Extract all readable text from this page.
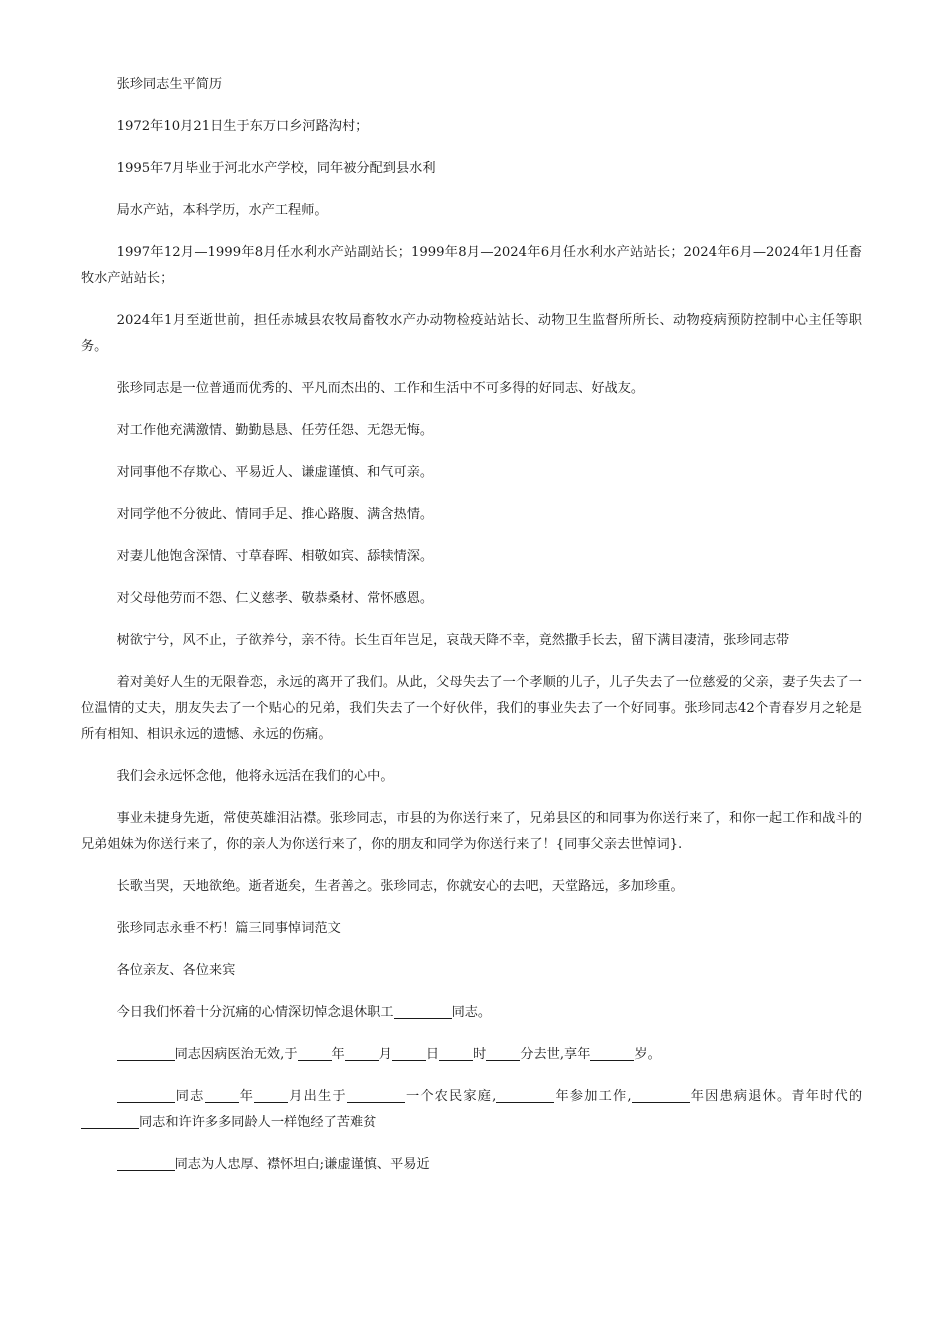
张珍同志生平简历

1972年10月21日生于东万口乡河路沟村；

1995年7月毕业于河北水产学校，同年被分配到县水利

局水产站，本科学历，水产工程师。

1997年12月—1999年8月任水利水产站副站长；1999年8月—2024年6月任水利水产站站长；2024年6月—2024年1月任畜牧水产站站长；

2024年1月至逝世前，担任赤城县农牧局畜牧水产办动物检疫站站长、动物卫生监督所所长、动物疫病预防控制中心主任等职务。

张珍同志是一位普通而优秀的、平凡而杰出的、工作和生活中不可多得的好同志、好战友。

对工作他充满激情、勤勤恳恳、任劳任怨、无怨无悔。

对同事他不存欺心、平易近人、谦虚谨慎、和气可亲。

对同学他不分彼此、情同手足、推心路腹、满含热情。

对妻儿他饱含深情、寸草春晖、相敬如宾、舔犊情深。

对父母他劳而不怨、仁义慈孝、敬恭桑材、常怀感恩。

树欲宁兮，风不止，子欲养兮，亲不待。长生百年岂足，哀哉天降不幸，竟然撒手长去，留下满目凄清，张珍同志带

着对美好人生的无限眷恋，永远的离开了我们。从此，父母失去了一个孝顺的儿子，儿子失去了一位慈爱的父亲，妻子失去了一位温情的丈夫，朋友失去了一个贴心的兄弟，我们失去了一个好伙伴，我们的事业失去了一个好同事。张珍同志42个青春岁月之轮是所有相知、相识永远的遗憾、永远的伤痛。

我们会永远怀念他，他将永远活在我们的心中。

事业未捷身先逝，常使英雄泪沾襟。张珍同志，市县的为你送行来了，兄弟县区的和同事为你送行来了，和你一起工作和战斗的兄弟姐妹为你送行来了，你的亲人为你送行来了，你的朋友和同学为你送行来了！{同事父亲去世悼词}.

长歌当哭，天地欲绝。逝者逝矣，生者善之。张珍同志，你就安心的去吧，天堂路远，多加珍重。

张珍同志永垂不朽！篇三同事悼词范文

各位亲友、各位来宾

今日我们怀着十分沉痛的心情深切悼念退休职工	同志。

同志因病医治无效,于	年	月	日	时	分去世,享年	岁。

同志	年	月出生于	一个农民家庭,	年参加工作,	年因患病退休。青年时代的同志和许许多多同龄人一样饱经了苦难贫

同志为人忠厚、襟怀坦白;谦虚谨慎、平易近
